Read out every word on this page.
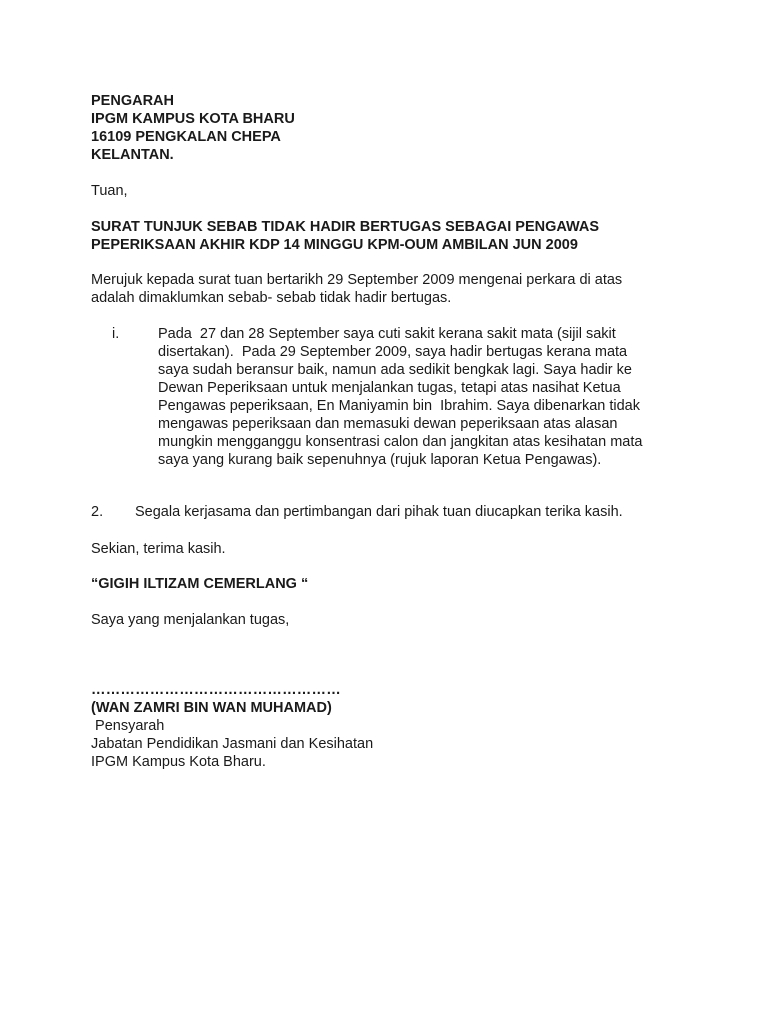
PENGARAH
IPGM KAMPUS KOTA BHARU
16109 PENGKALAN CHEPA
KELANTAN.
Tuan,
SURAT TUNJUK SEBAB TIDAK HADIR BERTUGAS SEBAGAI PENGAWAS
PEPERIKSAAN AKHIR KDP 14 MINGGU KPM-OUM AMBILAN JUN 2009
Merujuk kepada surat tuan bertarikh 29 September 2009 mengenai perkara di atas
adalah dimaklumkan sebab- sebab tidak hadir bertugas.
i.	Pada  27 dan 28 September saya cuti sakit kerana sakit mata (sijil sakit
disertakan).  Pada 29 September 2009, saya hadir bertugas kerana mata
saya sudah beransur baik, namun ada sedikit bengkak lagi. Saya hadir ke
Dewan Peperiksaan untuk menjalankan tugas, tetapi atas nasihat Ketua
Pengawas peperiksaan, En Maniyamin bin  Ibrahim. Saya dibenarkan tidak
mengawas peperiksaan dan memasuki dewan peperiksaan atas alasan
mungkin mengganggu konsentrasi calon dan jangkitan atas kesihatan mata
saya yang kurang baik sepenuhnya (rujuk laporan Ketua Pengawas).
2. Segala kerjasama dan pertimbangan dari pihak tuan diucapkan terika kasih.
Sekian, terima kasih.
“GIGIH ILTIZAM CEMERLANG “
Saya yang menjalankan tugas,
……………………………………………
(WAN ZAMRI BIN WAN MUHAMAD)
Pensyarah
Jabatan Pendidikan Jasmani dan Kesihatan
IPGM Kampus Kota Bharu.
